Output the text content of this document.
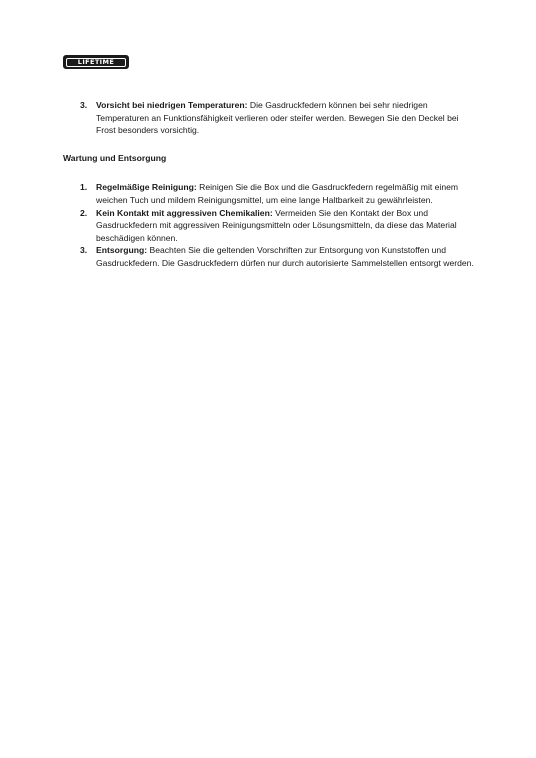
LIFETIME
3. Vorsicht bei niedrigen Temperaturen: Die Gasdruckfedern können bei sehr niedrigen Temperaturen an Funktionsfähigkeit verlieren oder steifer werden. Bewegen Sie den Deckel bei Frost besonders vorsichtig.
Wartung und Entsorgung
1. Regelmäßige Reinigung: Reinigen Sie die Box und die Gasdruckfedern regelmäßig mit einem weichen Tuch und mildem Reinigungsmittel, um eine lange Haltbarkeit zu gewährleisten.
2. Kein Kontakt mit aggressiven Chemikalien: Vermeiden Sie den Kontakt der Box und Gasdruckfedern mit aggressiven Reinigungsmitteln oder Lösungsmitteln, da diese das Material beschädigen können.
3. Entsorgung: Beachten Sie die geltenden Vorschriften zur Entsorgung von Kunststoffen und Gasdruckfedern. Die Gasdruckfedern dürfen nur durch autorisierte Sammelstellen entsorgt werden.
